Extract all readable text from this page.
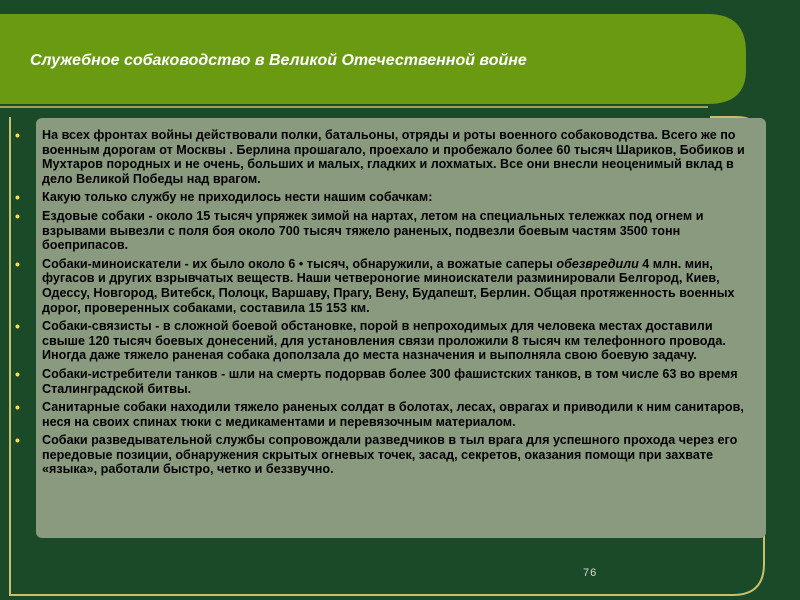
Служебное собаководство в Великой Отечественной войне
• На всех фронтах войны действовали полки, батальоны, отряды и роты военного собаководства. Всего же по военным дорогам от Москвы . Берлина прошагало, проехало и пробежало более 60 тысяч Шариков, Бобиков и Мухтаров породных и не очень, больших и малых, гладких и лохматых. Все они внесли неоценимый вклад в дело Великой Победы над врагом.
• Какую только службу не приходилось нести нашим собачкам:
• Ездовые собаки - около 15 тысяч упряжек зимой на нартах, летом на специальных тележках под огнем и взрывами вывезли с поля боя около 700 тысяч тяжело раненых, подвезли боевым частям 3500 тонн боеприпасов.
• Собаки-миноискатели - их было около 6 • тысяч, обнаружили, а вожатые саперы обезвредили 4 млн. мин, фугасов и других взрывчатых веществ. Наши четвероногие миноискатели разминировали Белгород, Киев, Одессу, Новгород, Витебск, Полоцк, Варшаву, Прагу, Вену, Будапешт, Берлин. Общая протяженность военных дорог, проверенных собаками, составила 15 153 км.
• Собаки-связисты - в сложной боевой обстановке, порой в непроходимых для человека местах доставили свыше 120 тысяч боевых донесений, для установления связи проложили 8 тысяч км телефонного провода. Иногда даже тяжело раненая собака доползала до места назначения и выполняла свою боевую задачу.
• Собаки-истребители танков - шли на смерть подорвав более 300 фашистских танков, в том числе 63 во время Сталинградской битвы.
• Санитарные собаки находили тяжело раненых солдат в болотах, лесах, оврагах и приводили к ним санитаров, неся на своих спинах тюки с медикаментами и перевязочным материалом.
• Собаки разведывательной службы сопровождали разведчиков в тыл врага для успешного прохода через его передовые позиции, обнаружения скрытых огневых точек, засад, секретов, оказания помощи при захвате «языка», работали быстро, четко и беззвучно.
76
